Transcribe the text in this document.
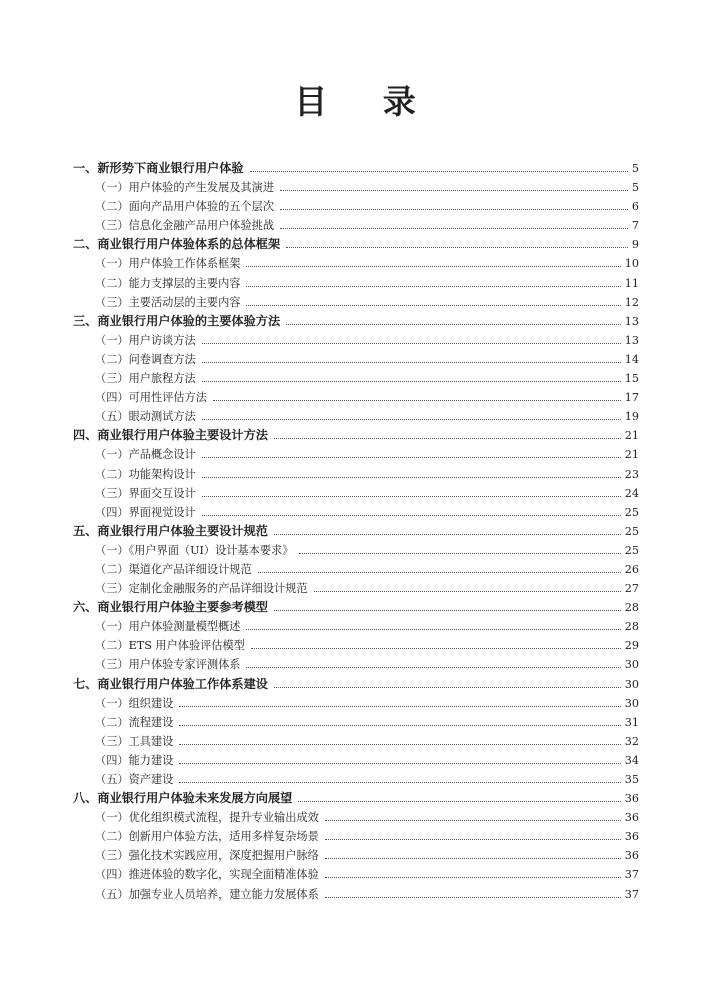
目 录
一、新形势下商业银行用户体验	5
（一）用户体验的产生发展及其演进	5
（二）面向产品用户体验的五个层次	6
（三）信息化金融产品用户体验挑战	7
二、商业银行用户体验体系的总体框架	9
（一）用户体验工作体系框架	10
（二）能力支撑层的主要内容	11
（三）主要活动层的主要内容	12
三、商业银行用户体验的主要体验方法	13
（一）用户访谈方法	13
（二）问卷调查方法	14
（三）用户旅程方法	15
（四）可用性评估方法	17
（五）眼动测试方法	19
四、商业银行用户体验主要设计方法	21
（一）产品概念设计	21
（二）功能架构设计	23
（三）界面交互设计	24
（四）界面视觉设计	25
五、商业银行用户体验主要设计规范	25
（一）《用户界面（UI）设计基本要求》	25
（二）渠道化产品详细设计规范	26
（三）定制化金融服务的产品详细设计规范	27
六、商业银行用户体验主要参考模型	28
（一）用户体验测量模型概述	28
（二）ETS 用户体验评估模型	29
（三）用户体验专家评测体系	30
七、商业银行用户体验工作体系建设	30
（一）组织建设	30
（二）流程建设	31
（三）工具建设	32
（四）能力建设	34
（五）资产建设	35
八、商业银行用户体验未来发展方向展望	36
（一）优化组织模式流程，提升专业输出成效	36
（二）创新用户体验方法，适用多样复杂场景	36
（三）强化技术实践应用，深度把握用户脉络	36
（四）推进体验的数字化，实现全面精准体验	37
（五）加强专业人员培养，建立能力发展体系	37
